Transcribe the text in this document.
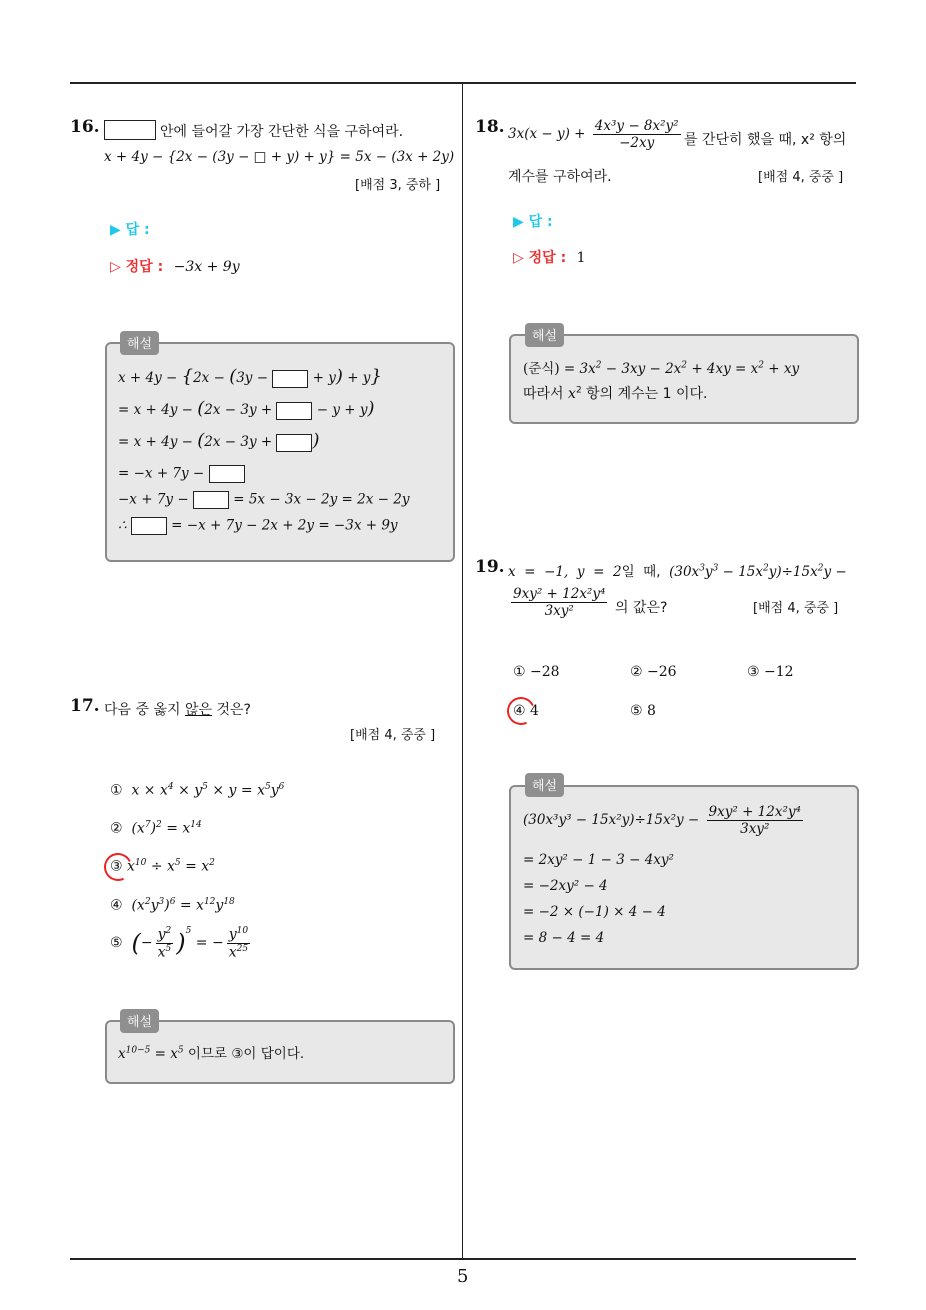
5
16.	안에 들어갈 가장 간단한 식을 구하여라.
x + 4y − {2x − (3y − □ + y) + y} = 5x − (3x + 2y)
[배점 3, 중하 ]
▶ 답 :
▷ 정답 : −3x + 9y
해설
x + 4y − {2x − (3y −	+ y) + y}
= x + 4y − (2x − 3y +	− y + y)
= x + 4y − (2x − 3y + )
= −x + 7y −
−x + 7y −	= 5x − 3x − 2y = 2x − 2y
∴	= −x + 7y − 2x + 2y = −3x + 9y
17. 다음 중 옳지 않은 것은?
[배점 4, 중중 ]
①  $x \times x^4 \times y^5 \times y = x^5y^6$
②  $(x^7)^2 = x^{14}$
③ $x^{10} \div x^5 = x^2$
④  $(x^2y^3)^6 = x^{12}y^{18}$
⑤ (− $\frac{y^2}{x^5} )^5$ = − $\frac{y^{10}}{x^{25}}$
해설
$x^{10-5} = x^5$ 이므로 ③이 답이다.
18. $3x(x - y) + \frac{\text{4x³y − 8x²y²}}{-2xy}$ 를 간단히 했을 때, x² 항의
계수를 구하여라.	[배점 4, 중중 ]
▶ 답 :
▷ 정답 : 1
해설
(준식) = $3x^2 - 3xy - 2x^2 + 4xy = x^2$ + xy
따라서 $x^2$ 항의 계수는 1 이다.
19. x  =  −1,  y  =  2일  때,  $(30x^3y^3 - 15x^2y)\div 15x^2y$ −
$\frac{\text{9xy² + 12x²y⁴}}{\text{3xy²}}$ 의 값은?	[배점 4, 중중 ]
① −28	② −26	③ −12
④ 4	⑤ 8
해설
$(30x^3y^3 - 15x^2y)\div 15x^2y - \frac{\text{9xy² + 12x²y⁴}}{\text{3xy²}}$
= 2xy² − 1 − 3 − 4xy²
= −2xy² − 4
= −2 × (−1) × 4 − 4
= 8 − 4 = 4
